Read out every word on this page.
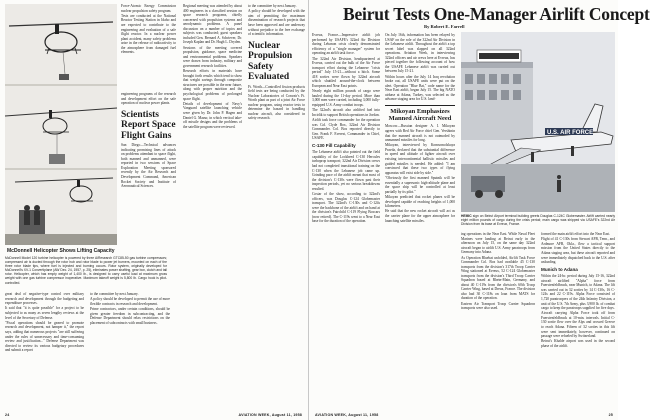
Force-Atomic Energy Commission nuclear propulsion safety program.

Tests are conducted at the National Reactor Testing Station in Idaho and are expected to contribute to the engineering and evaluation of a safe flight reactor. In a nuclear power plant accident, many safety problems arise in the release of radioactivity to the atmosphere from damaged fuel elements.

engineering programs of the research and development effort on the safe operation of nuclear power plants.

Scientists Report Space Flight Gains

San Diego—Technical advances indicating promising lines of attack on problems attendant to space flight, both manned and unmanned, were reported in two sessions of Space Exploration Meeting sponsored recently by the Air Research and Development Command, American Rocket Society and Institute of Aeronautical Sciences.

Regional meeting was attended by about 400 engineers in a classified session on space research programs, chiefly concerned with propulsion systems and aerodynamic problems. A panel discussion on a number of topics and subjects was conducted; guest speakers included Gen. Bernard A. Schriever, Dr. Joseph Kaplan and Dr. Hugh L. Dryden.

Sessions of the meeting covered propulsion, guidance, space medicine and environmental problems. Speakers were drawn from industry, military and government research facilities.

Research efforts in materials have brought forth results which tend to show that weight savings through composite structures are possible in the near future, along with proper nutrition and the psychological problems of prolonged space flight.

Details of development of Navy's Vanguard satellite launching vehicle were given by Dr. John P. Hagen and Daniel G. Mazur, in which vertical take-off missile designs and the problems of the satellite program were reviewed.

to the committee by next January.

A policy should be developed with the aim of permitting the maximum dissemination of research projects that have been approved and are underway without prejudice to the free exchange of scientific information.

Nuclear Propulsion Safety Evaluated

Ft. Worth—Controlled fission products field tests are being conducted by the Nuclear Laboratories of Convair's Ft. Worth plant as part of a joint Air Force nuclear program, using reactor tests to determine the hazard in handling nuclear aircraft, also considered in safety research.

McDonnell Helicopter Shows Lifting Capacity
McDonnell Model 120 turbine helicopter is powered by three AiResearch GTC85-50 gas turbine compressors; compressed air is ducted through the rotor hub and rotor blade to power jet burners, mounted on each of the three rotor blade tips, where fuel is injected and burning occurs. Rotor system, originally developed for McDonnell's XV-1 Convertiplane (AW Dec. 24, 1957, p. 25), eliminates power shafting, gear box, clutch and tail rotor. Helicopter, which has empty weight of 1,400 lb., is designed to carry useful load at maximum gross weight with one gas turbine compressor inoperative. Maximum takeoff weight is 5,800 lb. Cargo hook is pilot-controlled.

great deal of negative-type control over military research and development through the budgeting and expenditure processes.

It said that "it is quite possible" for a project to be subjected to as many as seven lengthy reviews at the level of the Secretary of Defense.

"Fiscal operations should be geared to promote research and development, not hamper it," the report says, adding that numerous projects "are still suffering under the rules of unnecessary and time-consuming review and justification..." Defense Department was directed to review its various budgetary procedures and submit a report

to the committee by next January.

A policy should be developed to permit the use of more flexible contracts in research and development.

Prime contractors, under certain conditions, should be given greater freedom in subcontracting, and the Defense Department should relax restrictions on the placement of subcontracts with small business.

24	AVIATION WEEK, August 11, 1958
Beirut Tests One-Manager Airlift Concept
By Robert E. Farrell

Evreux, France—Impressive airlift job performed by USAFE's 322nd Air Division during Lebanon crisis clearly demonstrated efficiency of a "single manager" system for operating an airlift task force.

The 322nd Air Division, headquartered at Evreux, carried out the bulk of the Air Force transport effort during the Lebanese "crisis period" July 15-21—without a hitch. Some 418 sorties were flown by 322nd aircraft which shuttled around-the-clock between European and Near East points.

Nearly eight million pounds of cargo were hauled during the 11-day period. More than 3,000 men were carried, including 3,000 fully-equipped U.S. Army combat troops.

The 322nd's aircraft also airlifted fuel into Incirlik to support British operations in Jordan.

Airlift task force commander for the operation was Col. Clyde Box, 322nd Air Division Commander. Col. Box reported directly to Gen. Frank F. Everest, Commander in Chief, USAFE.

C-130 Fill Capability

The Lebanese airlift also pointed out the field capability of the Lockheed C-130 Hercules turboprop transport; 322nd Air Division crews had not completed transitional training on the C-130 when the Lebanese job came up. Grinding pace of the airlift meant that most of the division's C-130s were flown past their inspection periods, yet no serious breakdowns resulted.

Costar of the show, according to 322nd's officers, was Douglas C-124 Globemaster transport. The 322nd's C-130s and C-124s were the backbone of the airlift and on hand at the division's Fairchild C-119 Flying Boxcars (now retired). The C-119s went to a Near East base for the duration of the operation.

On July 16th, information has been relayed by USAF on the role of the 322nd Air Division in the Lebanese airlift. Throughout the airlift a top secret label was slapped on all 322nd operations. Aviation Week, in interviewing 322nd officers and air crews here at Evreux, has pieced together the following account of how the USAFE Lebanese airlift was carried out between July 15-21.

Within hours after the July 14 Iraq revolution broke out, all USAFE units were put on the alert. Operation "Blue Bat," code name for the Near East airlift, began July 15. The big NATO airbase at Adana, Turkey, was selected as the advance staging area for U.S. land-

Mikoyan Emphasizes Manned Aircraft Need

Moscow—Russian designer A. I. Mikoyan agrees with Red Air Force chief Gen. Vershinin that the manned aircraft is not outmoded by unmanned missiles for long.

Mikoyan, interviewed by Komsomolskaya Pravda, declared that the substantial difference in speed and altitude of fighter aircraft over existing intercontinental ballistic missiles and guided missiles is needed. He added: "I am convinced that these two types of flying apparatus will exist side by side."

"Obviously the first manned Sputnik will be essentially a supersonic high-altitude plane and the space ship will be controlled at least partially by its pilot."

Mikoyan predicted that rocket planes will be developed capable of reaching heights of 1,000 kilometers.

He said that the new rocket aircraft will act as the carrier plane for the upper atmosphere for launching satellite missiles.

U.S. AIR FORCE
HEMIC sign on Beirut Airport terminal building greets Douglas C-124C Globemaster. Airlift carried nearly eight million pounds of cargo during the crisis period; main cargo was shipped via USAFE's 322nd Air Division from its base at Evreux, France.

ing operations in the Near East. While Naval Fleet Marines were landing at Beirut early in the afternoon on July 15, on the same day 322nd aircraft began to airlift U.S. Army paratroops from Germany into Adana.

As Operation Bluebat unfolded, Airlift Task Force Commander Col. Box had available 45 C-130 transports from the division's 317th Troop Carrier Wing stationed at Evreux, 52 C-124 Globemaster transports from the division's Third Troop Carrier Squadron based at Rhein-Main, Germany, and about 40 C-119s from the division's 60th Troop Carrier Wing, based at Dreux, France. The division also had 30 C-118s on loan from MATS for duration of the operation.

Eastern Air Transport Troop Carrier Squadron transports were also used.

formed the main airlift effort into the Near East.

Flight of 41 C-130s from Stewart AFB, Tenn., and Ardmore AFB, Okla., flew a tactical support mission from the United States directly to the Adana staging area, but these aircraft reported and were immediately dispatched back to the U.S. after unloading.

Munich to Adana

Within the 24-hr. period during July 15-16, 322nd aircraft airlifted "Alpha" force from Fuerstenfeldbruck, near Munich, to Adana. The lift was carried out in 32 sorties by 14 C-130s, 16 C-124s and 22 C-119s. Alpha Force consisted of 1,720 paratroopers of the 24th Infantry Division, a unit of the U.S. 7th Army, plus 3,900 lb. of combat cargo to keep the paratroops supplied for five days.

Aircraft carrying Alpha Force took off from Fuerstenfeldbruck at 10-min. intervals. Initial C-130 sortie flew over the Alps and crossed Greece to reach Adana. Fifteen of 32 sorties in this lift were sent immediately, however, continued on passage were refueled by Switzerland.

Beirut's Khalde airport was used in the second phase of the airlift.

AVIATION WEEK, August 11, 1958	25
